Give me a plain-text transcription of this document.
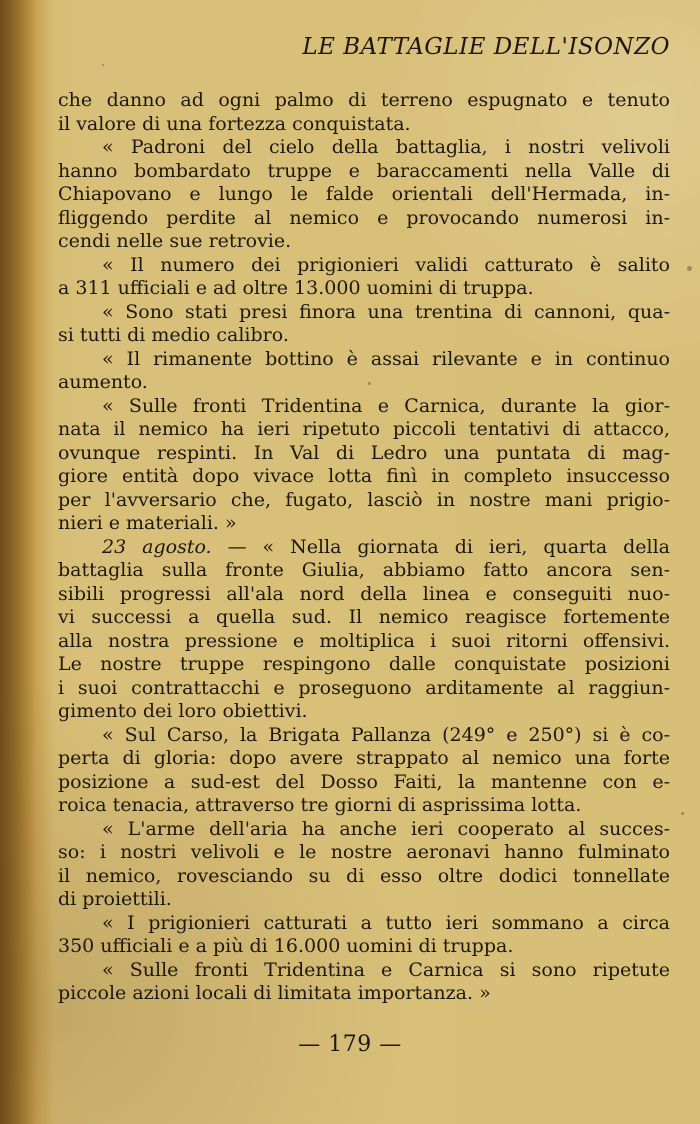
LE BATTAGLIE DELL'ISONZO
che danno ad ogni palmo di terreno espugnato e tenuto
il valore di una fortezza conquistata.
« Padroni del cielo della battaglia, i nostri velivoli
hanno bombardato truppe e baraccamenti nella Valle di
Chiapovano e lungo le falde orientali dell'Hermada, in-
fliggendo perdite al nemico e provocando numerosi in-
cendi nelle sue retrovie.
« Il numero dei prigionieri validi catturato è salito
a 311 ufficiali e ad oltre 13.000 uomini di truppa.
« Sono stati presi finora una trentina di cannoni, qua-
si tutti di medio calibro.
« Il rimanente bottino è assai rilevante e in continuo
aumento.
« Sulle fronti Tridentina e Carnica, durante la gior-
nata il nemico ha ieri ripetuto piccoli tentativi di attacco,
ovunque respinti. In Val di Ledro una puntata di mag-
giore entità dopo vivace lotta finì in completo insuccesso
per l'avversario che, fugato, lasciò in nostre mani prigio-
nieri e materiali. »
23 agosto. — « Nella giornata di ieri, quarta della
battaglia sulla fronte Giulia, abbiamo fatto ancora sen-
sibili progressi all'ala nord della linea e conseguiti nuo-
vi successi a quella sud. Il nemico reagisce fortemente
alla nostra pressione e moltiplica i suoi ritorni offensivi.
Le nostre truppe respingono dalle conquistate posizioni
i suoi contrattacchi e proseguono arditamente al raggiun-
gimento dei loro obiettivi.
« Sul Carso, la Brigata Pallanza (249° e 250°) si è co-
perta di gloria: dopo avere strappato al nemico una forte
posizione a sud-est del Dosso Faiti, la mantenne con e-
roica tenacia, attraverso tre giorni di asprissima lotta.
« L'arme dell'aria ha anche ieri cooperato al succes-
so: i nostri velivoli e le nostre aeronavi hanno fulminato
il nemico, rovesciando su di esso oltre dodici tonnellate
di proiettili.
« I prigionieri catturati a tutto ieri sommano a circa
350 ufficiali e a più di 16.000 uomini di truppa.
« Sulle fronti Tridentina e Carnica si sono ripetute
piccole azioni locali di limitata importanza. »
— 179 —
